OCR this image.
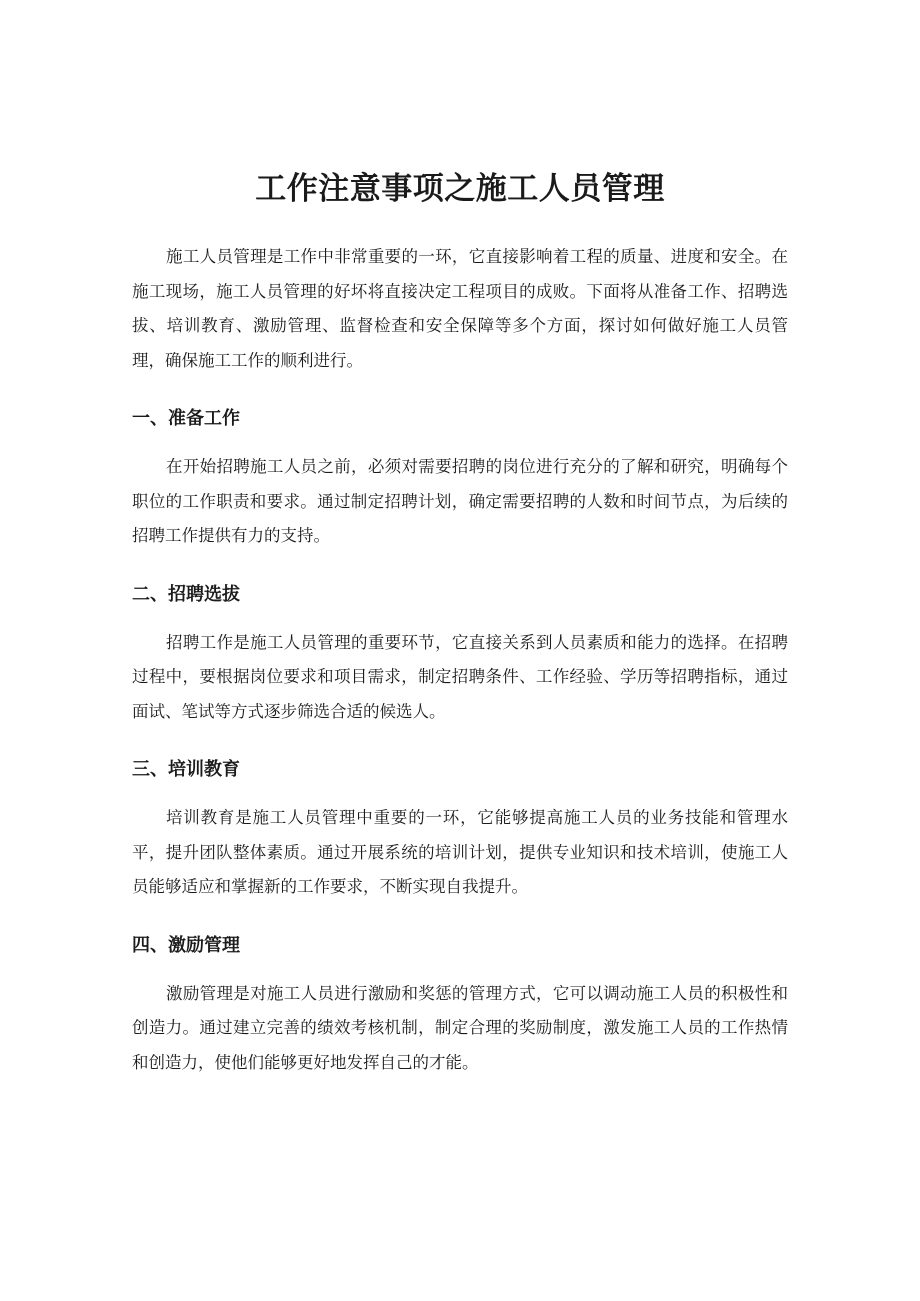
工作注意事项之施工人员管理

施工人员管理是工作中非常重要的一环，它直接影响着工程的质量、进度和安全。在施工现场，施工人员管理的好坏将直接决定工程项目的成败。下面将从准备工作、招聘选拔、培训教育、激励管理、监督检查和安全保障等多个方面，探讨如何做好施工人员管理，确保施工工作的顺利进行。

一、准备工作

在开始招聘施工人员之前，必须对需要招聘的岗位进行充分的了解和研究，明确每个职位的工作职责和要求。通过制定招聘计划，确定需要招聘的人数和时间节点，为后续的招聘工作提供有力的支持。

二、招聘选拔

招聘工作是施工人员管理的重要环节，它直接关系到人员素质和能力的选择。在招聘过程中，要根据岗位要求和项目需求，制定招聘条件、工作经验、学历等招聘指标，通过面试、笔试等方式逐步筛选合适的候选人。

三、培训教育

培训教育是施工人员管理中重要的一环，它能够提高施工人员的业务技能和管理水平，提升团队整体素质。通过开展系统的培训计划，提供专业知识和技术培训，使施工人员能够适应和掌握新的工作要求，不断实现自我提升。

四、激励管理

激励管理是对施工人员进行激励和奖惩的管理方式，它可以调动施工人员的积极性和创造力。通过建立完善的绩效考核机制，制定合理的奖励制度，激发施工人员的工作热情和创造力，使他们能够更好地发挥自己的才能。
